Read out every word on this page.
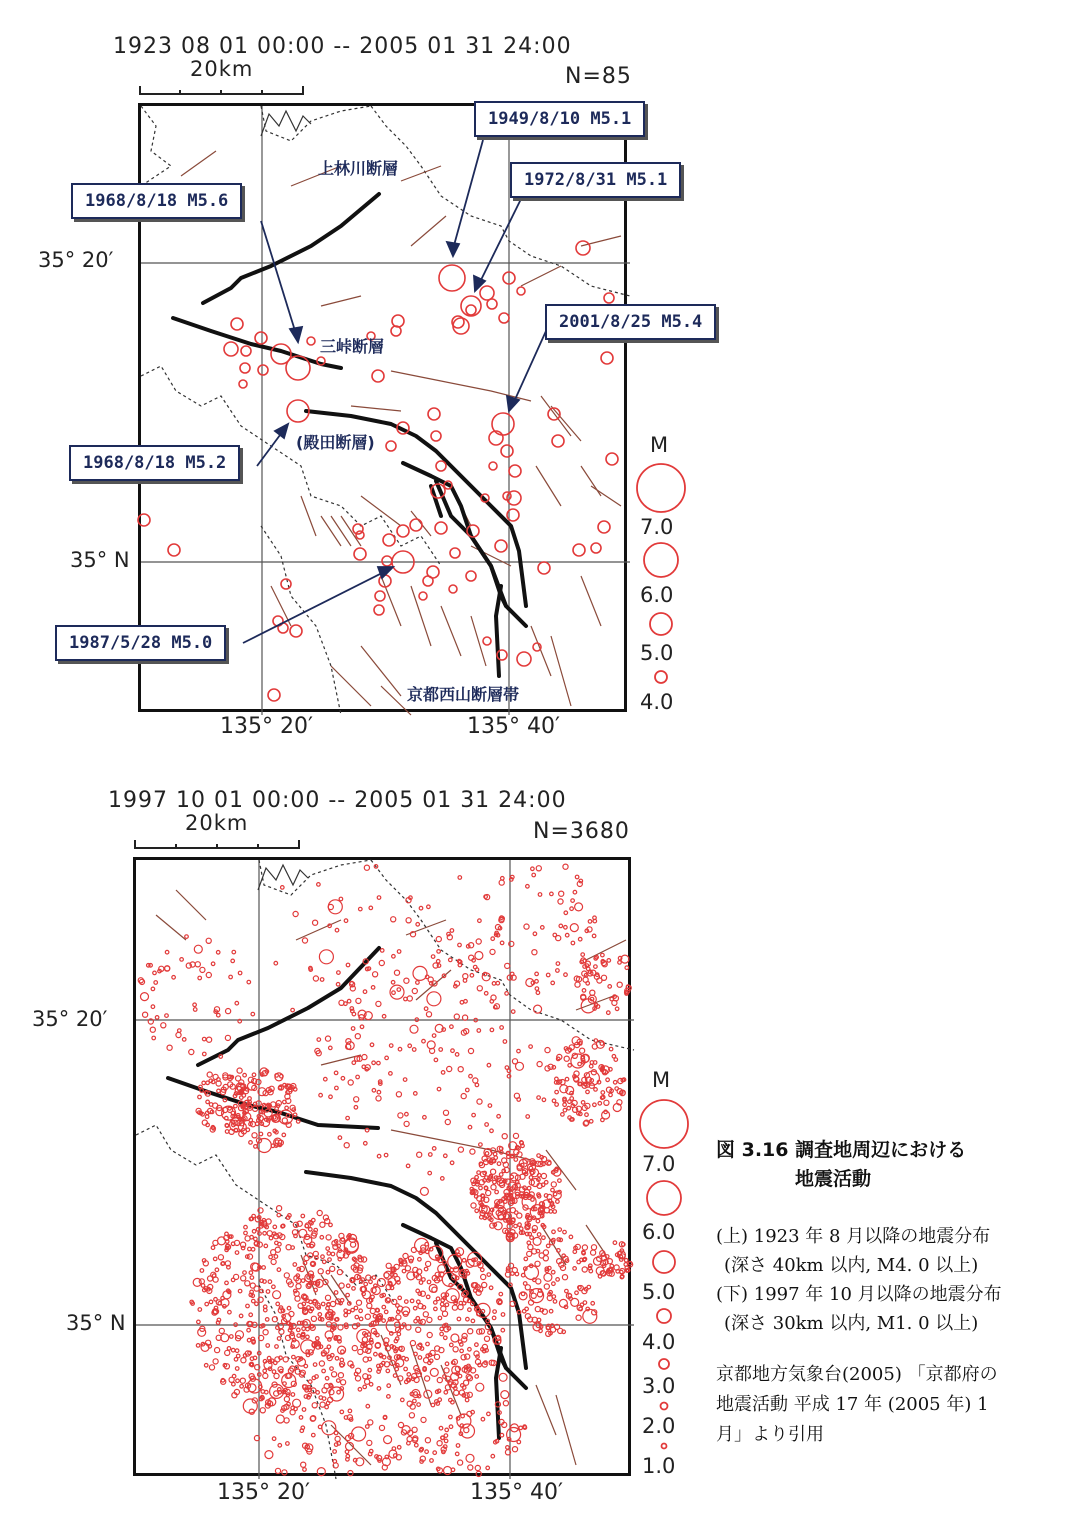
1923 08 01 00:00 -- 2005 01 31 24:00
N=85
20km
35° 20′
35° N
135° 20′	135° 40′
上林川断層
三峠断層
(殿田断層)
京都西山断層帯
1949/8/10 M5.1
1968/8/18 M5.6
1972/8/31 M5.1
2001/8/25 M5.4
1968/8/18 M5.2
1987/5/28 M5.0
M
7.0
6.0
5.0
4.0
1997 10 01 00:00 -- 2005 01 31 24:00
N=3680
20km
35° 20′
35° N
135° 20′	135° 40′
M
7.0
6.0
5.0
4.0
3.0
2.0
1.0
図 3.16 調査地周辺における
地震活動
(上) 1923 年 8 月以降の地震分布
(深さ 40km 以内, M4. 0 以上)
(下) 1997 年 10 月以降の地震分布
(深さ 30km 以内, M1. 0 以上)
京都地方気象台(2005) 「京都府の
地震活動 平成 17 年 (2005 年) 1
月」より引用
